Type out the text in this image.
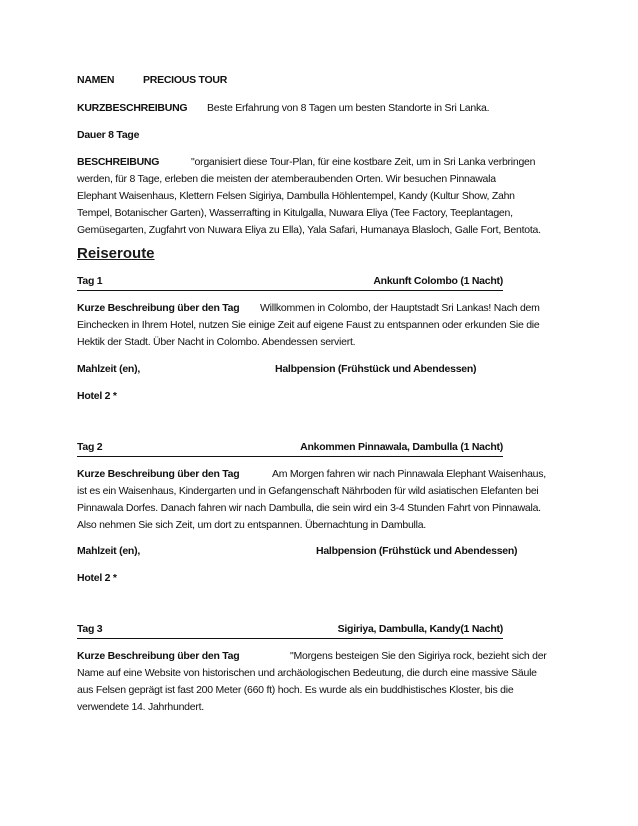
NAMEN	PRECIOUS TOUR
KURZBESCHREIBUNG Beste Erfahrung von 8 Tagen um besten Standorte in Sri Lanka.
Dauer 8 Tage
BESCHREIBUNG	"organisiert diese Tour-Plan, für eine kostbare Zeit, um in Sri Lanka verbringen
werden, für 8 Tage, erleben die meisten der atemberaubenden Orten. Wir besuchen Pinnawala
Elephant Waisenhaus, Klettern Felsen Sigiriya, Dambulla Höhlentempel, Kandy (Kultur Show, Zahn
Tempel, Botanischer Garten), Wasserrafting in Kitulgalla, Nuwara Eliya (Tee Factory, Teeplantagen,
Gemüsegarten, Zugfahrt von Nuwara Eliya zu Ella), Yala Safari, Humanaya Blasloch, Galle Fort, Bentota.
Reiseroute
Tag 1	Ankunft Colombo (1 Nacht)
Kurze Beschreibung über den Tag Willkommen in Colombo, der Hauptstadt Sri Lankas! Nach dem
Einchecken in Ihrem Hotel, nutzen Sie einige Zeit auf eigene Faust zu entspannen oder erkunden Sie die
Hektik der Stadt. Über Nacht in Colombo. Abendessen serviert.
Mahlzeit (en),	Halbpension (Frühstück und Abendessen)
Hotel 2 *
Tag 2	Ankommen Pinnawala, Dambulla (1 Nacht)
Kurze Beschreibung über den Tag	Am Morgen fahren wir nach Pinnawala Elephant Waisenhaus,
ist es ein Waisenhaus, Kindergarten und in Gefangenschaft Nährboden für wild asiatischen Elefanten bei
Pinnawala Dorfes. Danach fahren wir nach Dambulla, die sein wird ein 3-4 Stunden Fahrt von Pinnawala.
Also nehmen Sie sich Zeit, um dort zu entspannen. Übernachtung in Dambulla.
Mahlzeit (en),	Halbpension (Frühstück und Abendessen)
Hotel 2 *
Tag 3	Sigiriya, Dambulla, Kandy(1 Nacht)
Kurze Beschreibung über den Tag	"Morgens besteigen Sie den Sigiriya rock, bezieht sich der
Name auf eine Website von historischen und archäologischen Bedeutung, die durch eine massive Säule
aus Felsen geprägt ist fast 200 Meter (660 ft) hoch. Es wurde als ein buddhistisches Kloster, bis die
verwendete 14. Jahrhundert.
